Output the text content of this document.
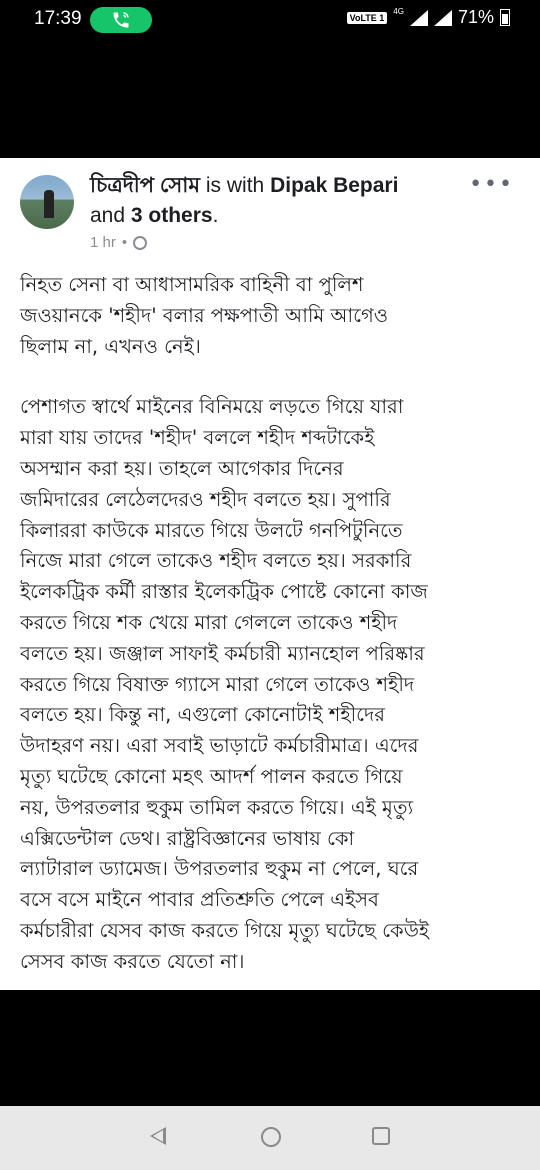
17:39	VoLTE 1
4G	71%
চিত্রদীপ সোম is with Dipak Bepari
and 3 others.
•••
1 hr •

নিহত সেনা বা আধাসামরিক বাহিনী বা পুলিশ
জওয়ানকে 'শহীদ' বলার পক্ষপাতী আমি আগেও
ছিলাম না, এখনও নেই।

পেশাগত স্বার্থে মাইনের বিনিময়ে লড়তে গিয়ে যারা
মারা যায় তাদের 'শহীদ' বললে শহীদ শব্দটাকেই
অসম্মান করা হয়। তাহলে আগেকার দিনের
জমিদারের লেঠেলদেরও শহীদ বলতে হয়। সুপারি
কিলাররা কাউকে মারতে গিয়ে উলটে গনপিটুনিতে
নিজে মারা গেলে তাকেও শহীদ বলতে হয়। সরকারি
ইলেকট্রিক কর্মী রাস্তার ইলেকট্রিক পোষ্টে কোনো কাজ
করতে গিয়ে শক খেয়ে মারা গেললে তাকেও শহীদ
বলতে হয়। জঞ্জাল সাফাই কর্মচারী ম্যানহোল পরিষ্কার
করতে গিয়ে বিষাক্ত গ্যাসে মারা গেলে তাকেও শহীদ
বলতে হয়। কিন্তু না, এগুলো কোনোটাই শহীদের
উদাহরণ নয়। এরা সবাই ভাড়াটে কর্মচারীমাত্র। এদের
মৃত্যু ঘটেছে কোনো মহৎ আদর্শ পালন করতে গিয়ে
নয়, উপরতলার হুকুম তামিল করতে গিয়ে। এই মৃত্যু
এক্সিডেন্টাল ডেথ। রাষ্ট্রবিজ্ঞানের ভাষায় কো
ল্যাটারাল ড্যামেজ। উপরতলার হুকুম না পেলে, ঘরে
বসে বসে মাইনে পাবার প্রতিশ্রুতি পেলে এইসব
কর্মচারীরা যেসব কাজ করতে গিয়ে মৃত্যু ঘটেছে কেউই
সেসব কাজ করতে যেতো না।
